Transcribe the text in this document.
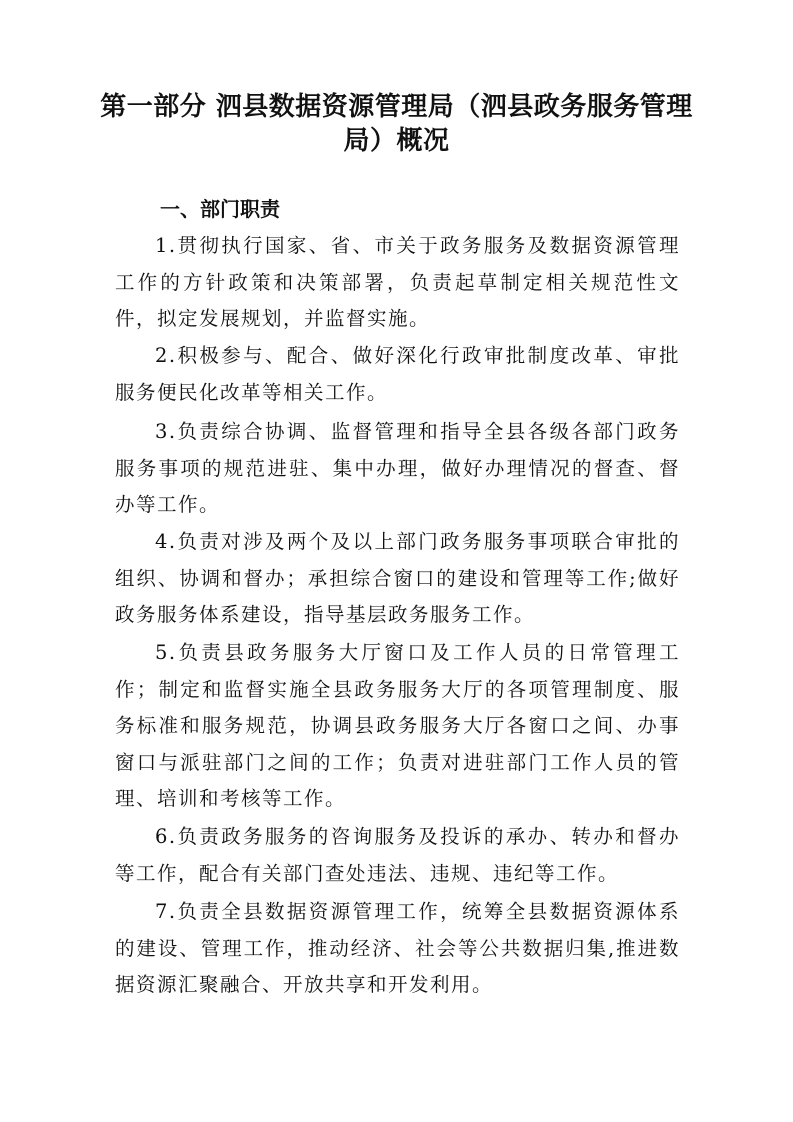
第一部分 泗县数据资源管理局（泗县政务服务管理局）概况
一、部门职责

1.贯彻执行国家、省、市关于政务服务及数据资源管理工作的方针政策和决策部署，负责起草制定相关规范性文件，拟定发展规划，并监督实施。

2.积极参与、配合、做好深化行政审批制度改革、审批服务便民化改革等相关工作。

3.负责综合协调、监督管理和指导全县各级各部门政务服务事项的规范进驻、集中办理，做好办理情况的督查、督办等工作。

4.负责对涉及两个及以上部门政务服务事项联合审批的组织、协调和督办；承担综合窗口的建设和管理等工作;做好政务服务体系建设，指导基层政务服务工作。

5.负责县政务服务大厅窗口及工作人员的日常管理工作；制定和监督实施全县政务服务大厅的各项管理制度、服务标准和服务规范，协调县政务服务大厅各窗口之间、办事窗口与派驻部门之间的工作；负责对进驻部门工作人员的管理、培训和考核等工作。

6.负责政务服务的咨询服务及投诉的承办、转办和督办等工作，配合有关部门查处违法、违规、违纪等工作。

7.负责全县数据资源管理工作，统筹全县数据资源体系的建设、管理工作，推动经济、社会等公共数据归集,推进数据资源汇聚融合、开放共享和开发利用。
